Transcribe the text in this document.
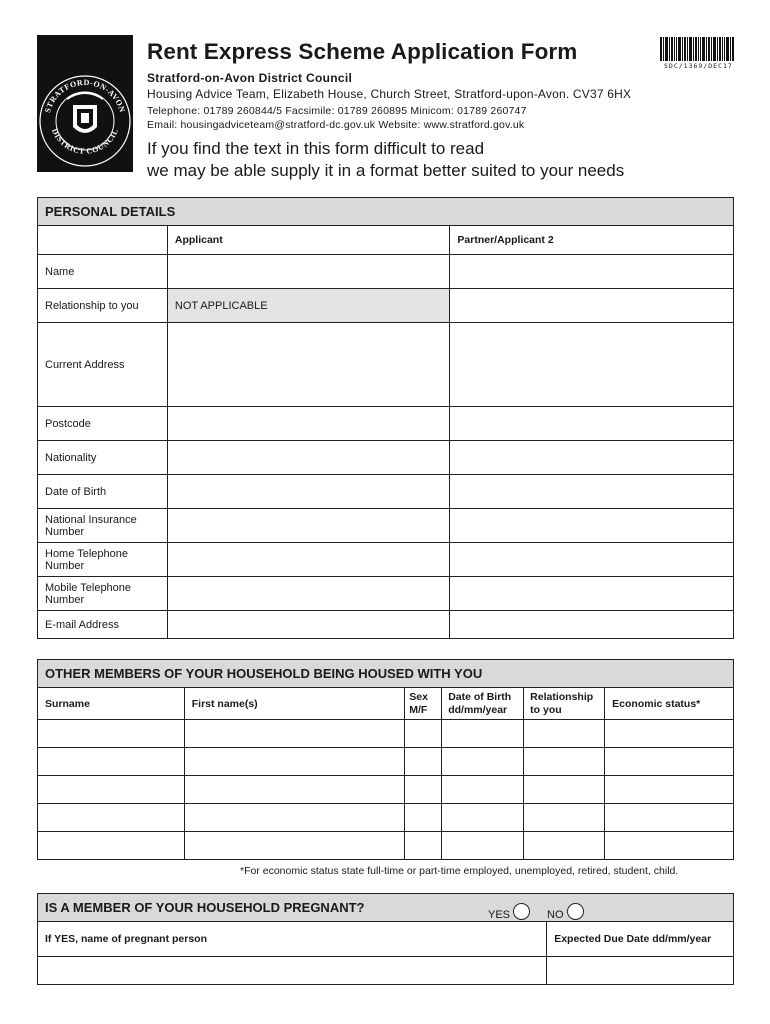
STRATFORD-ON-AVON
DISTRICT COUNCIL
Rent Express Scheme Application Form
SDC/1369/DEC17
Stratford-on-Avon District Council
Housing Advice Team, Elizabeth House, Church Street, Stratford-upon-Avon. CV37 6HX
Telephone: 01789 260844/5 Facsimile: 01789 260895 Minicom: 01789 260747
Email: housingadviceteam@stratford-dc.gov.uk Website: www.stratford.gov.uk
If you find the text in this form difficult to read
we may be able supply it in a format better suited to your needs
PERSONAL DETAILS		
	Applicant	Partner/Applicant 2
Name		
Relationship to you	NOT APPLICABLE	
Current Address		
Postcode		
Nationality		
Date of Birth		
National Insurance Number		
Home Telephone Number		
Mobile Telephone Number		
E-mail Address		
OTHER MEMBERS OF YOUR HOUSEHOLD BEING HOUSED WITH YOU					
Surname	First name(s)	Sex M/F	Date of Birth dd/mm/year	Relationship to you	Economic status*

*For economic status state full-time or part-time employed, unemployed, retired, student, child.
IS A MEMBER OF YOUR HOUSEHOLD PREGNANT?	
If YES, name of pregnant person	Expected Due Date dd/mm/year

YES	NO
